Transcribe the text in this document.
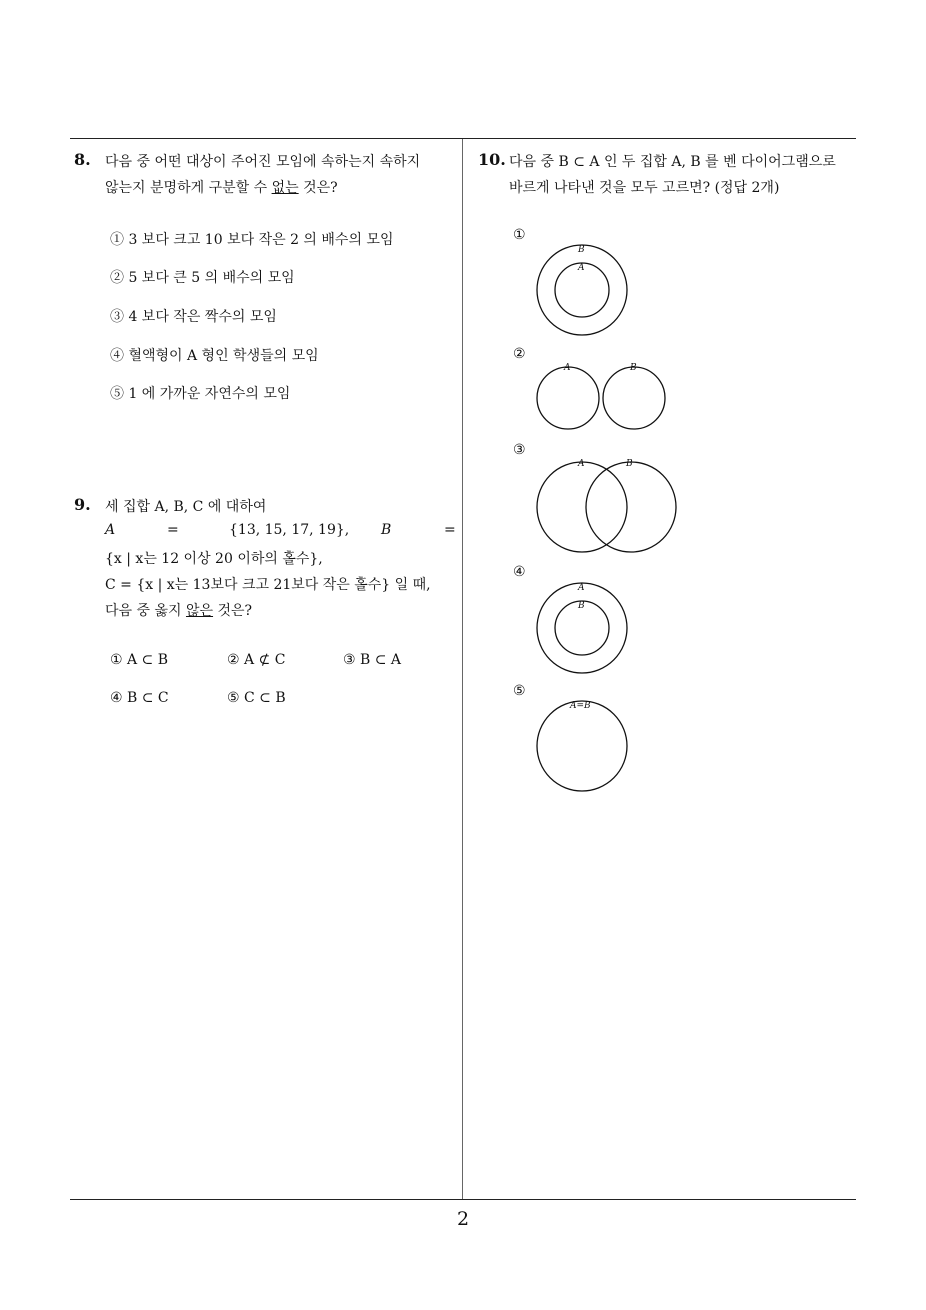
8. 다음 중 어떤 대상이 주어진 모임에 속하는지 속하지
않는지 분명하게 구분할 수 없는 것은?
① 3 보다 크고 10 보다 작은 2 의 배수의 모임
② 5 보다 큰 5 의 배수의 모임
③ 4 보다 작은 짝수의 모임
④ 혈액형이 A 형인 학생들의 모임
⑤ 1 에 가까운 자연수의 모임
9. 세 집합 A, B, C 에 대하여
A	=	{13, 15, 17, 19}, B	=
{x | x는 12 이상 20 이하의 홀수},
C = {x | x는 13보다 크고 21보다 작은 홀수} 일 때,
다음 중 옳지 않은 것은?
① A ⊂ B	② A ⊄ C	③ B ⊂ A
④ B ⊂ C	⑤ C ⊂ B
10. 다음 중 B ⊂ A 인 두 집합 A, B 를 벤 다이어그램으로
바르게 나타낸 것을 모두 고르면? (정답 2개)
①
B
A
②
A	B
③
A	B
④
A
B
⑤
A=B
2
